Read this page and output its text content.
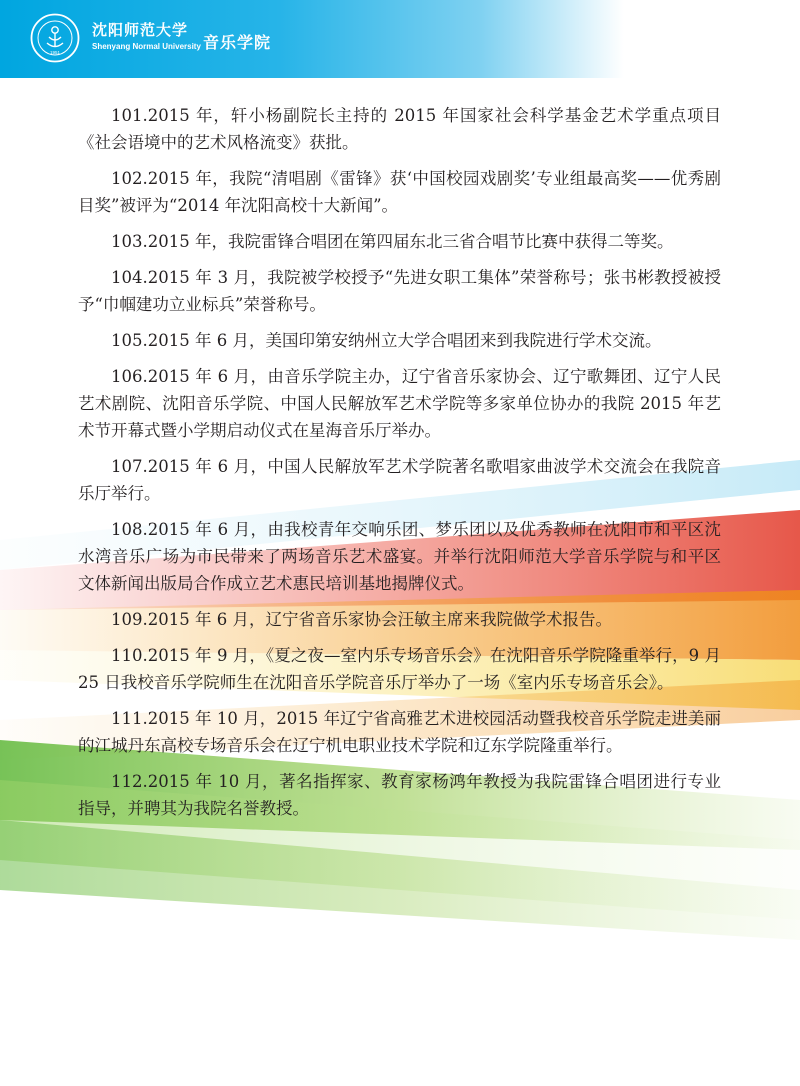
1951
沈阳师范大学
Shenyang Normal University 音乐学院

101.2015 年，轩小杨副院长主持的 2015 年国家社会科学基金艺术学重点项目《社会语境中的艺术风格流变》获批。

102.2015 年，我院“清唱剧《雷锋》获‘中国校园戏剧奖’专业组最高奖——优秀剧目奖”被评为“2014 年沈阳高校十大新闻”。

103.2015 年，我院雷锋合唱团在第四届东北三省合唱节比赛中获得二等奖。

104.2015 年 3 月，我院被学校授予“先进女职工集体”荣誉称号；张书彬教授被授予“巾帼建功立业标兵”荣誉称号。

105.2015 年 6 月，美国印第安纳州立大学合唱团来到我院进行学术交流。

106.2015 年 6 月，由音乐学院主办，辽宁省音乐家协会、辽宁歌舞团、辽宁人民艺术剧院、沈阳音乐学院、中国人民解放军艺术学院等多家单位协办的我院 2015 年艺术节开幕式暨小学期启动仪式在星海音乐厅举办。

107.2015 年 6 月，中国人民解放军艺术学院著名歌唱家曲波学术交流会在我院音乐厅举行。

108.2015 年 6 月，由我校青年交响乐团、梦乐团以及优秀教师在沈阳市和平区沈水湾音乐广场为市民带来了两场音乐艺术盛宴。并举行沈阳师范大学音乐学院与和平区文体新闻出版局合作成立艺术惠民培训基地揭牌仪式。

109.2015 年 6 月，辽宁省音乐家协会汪敏主席来我院做学术报告。

110.2015 年 9 月，《夏之夜—室内乐专场音乐会》在沈阳音乐学院隆重举行，9 月 25 日我校音乐学院师生在沈阳音乐学院音乐厅举办了一场《室内乐专场音乐会》。

111.2015 年 10 月，2015 年辽宁省高雅艺术进校园活动暨我校音乐学院走进美丽的江城丹东高校专场音乐会在辽宁机电职业技术学院和辽东学院隆重举行。

112.2015 年 10 月，著名指挥家、教育家杨鸿年教授为我院雷锋合唱团进行专业指导，并聘其为我院名誉教授。
